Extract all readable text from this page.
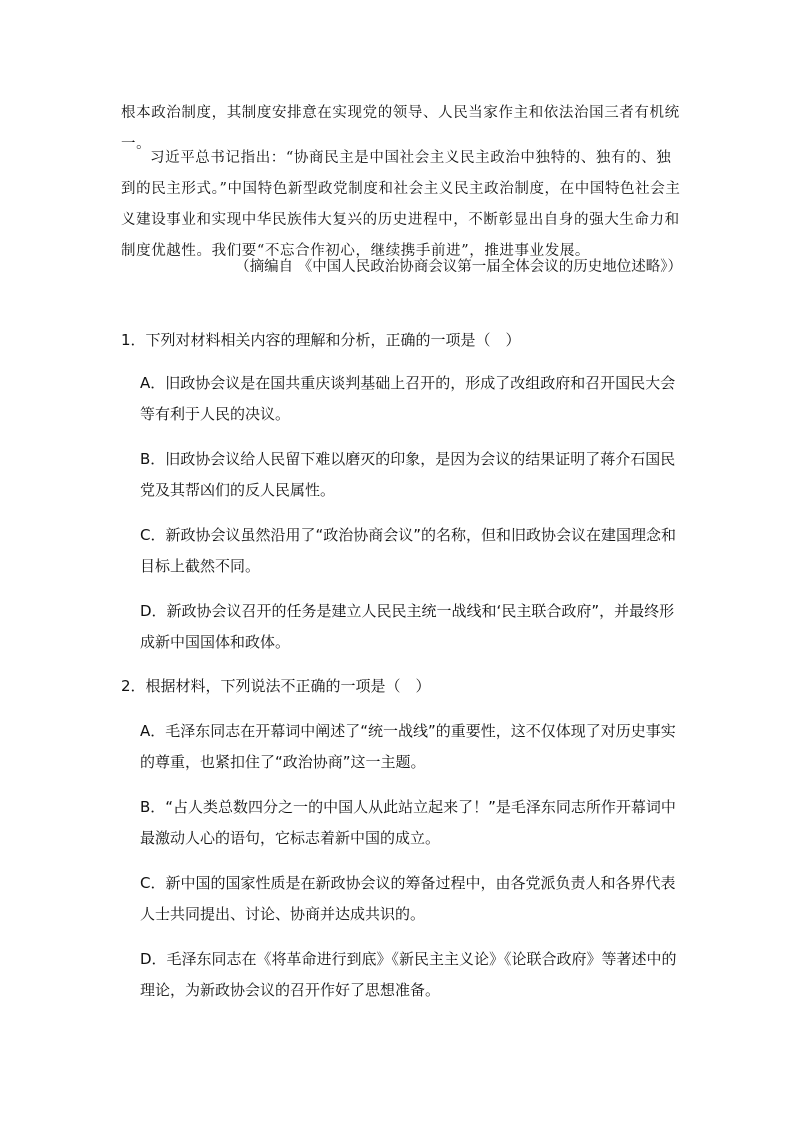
根本政治制度，其制度安排意在实现党的领导、人民当家作主和依法治国三者有机统一。
习近平总书记指出：“协商民主是中国社会主义民主政治中独特的、独有的、独到的民主形式。”中国特色新型政党制度和社会主义民主政治制度，在中国特色社会主义建设事业和实现中华民族伟大复兴的历史进程中，不断彰显出自身的强大生命力和制度优越性。我们要“不忘合作初心，继续携手前进”，推进事业发展。
（摘编自 《中国人民政治协商会议第一届全体会议的历史地位述略》）
1．下列对材料相关内容的理解和分析，正确的一项是（　）
A．旧政协会议是在国共重庆谈判基础上召开的，形成了改组政府和召开国民大会等有利于人民的决议。
B．旧政协会议给人民留下难以磨灭的印象，是因为会议的结果证明了蒋介石国民党及其帮凶们的反人民属性。
C．新政协会议虽然沿用了“政治协商会议”的名称，但和旧政协会议在建国理念和目标上截然不同。
D．新政协会议召开的任务是建立人民民主统一战线和‘民主联合政府”，并最终形成新中国国体和政体。
2．根据材料，下列说法不正确的一项是（　）
A．毛泽东同志在开幕词中阐述了“统一战线”的重要性，这不仅体现了对历史事实的尊重，也紧扣住了“政治协商”这一主题。
B．“占人类总数四分之一的中国人从此站立起来了！”是毛泽东同志所作开幕词中最激动人心的语句，它标志着新中国的成立。
C．新中国的国家性质是在新政协会议的筹备过程中，由各党派负责人和各界代表人士共同提出、讨论、协商并达成共识的。
D．毛泽东同志在《将革命进行到底》《新民主主义论》《论联合政府》等著述中的理论，为新政协会议的召开作好了思想准备。
